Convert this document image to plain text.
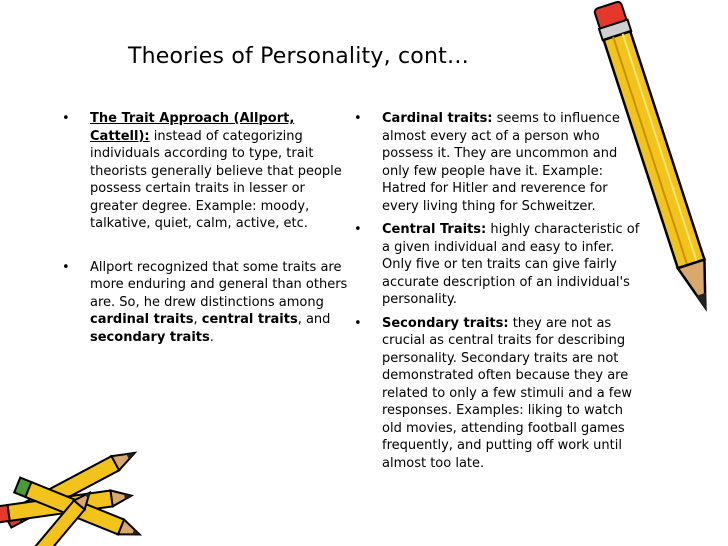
Theories of Personality, cont…
•	The Trait Approach (Allport, Cattell): instead of categorizing individuals according to type, trait theorists generally believe that people possess certain traits in lesser or greater degree. Example: moody, talkative, quiet, calm, active, etc.
•	Allport recognized that some traits are more enduring and general than others are. So, he drew distinctions among cardinal traits, central traits, and secondary traits.
•	Cardinal traits: seems to influence almost every act of a person who possess it. They are uncommon and only few people have it. Example: Hatred for Hitler and reverence for every living thing for Schweitzer.
•	Central Traits: highly characteristic of a given individual and easy to infer. Only five or ten traits can give fairly accurate description of an individual's personality.
•	Secondary traits: they are not as crucial as central traits for describing personality. Secondary traits are not demonstrated often because they are related to only a few stimuli and a few responses. Examples: liking to watch old movies, attending football games frequently, and putting off work until almost too late.
